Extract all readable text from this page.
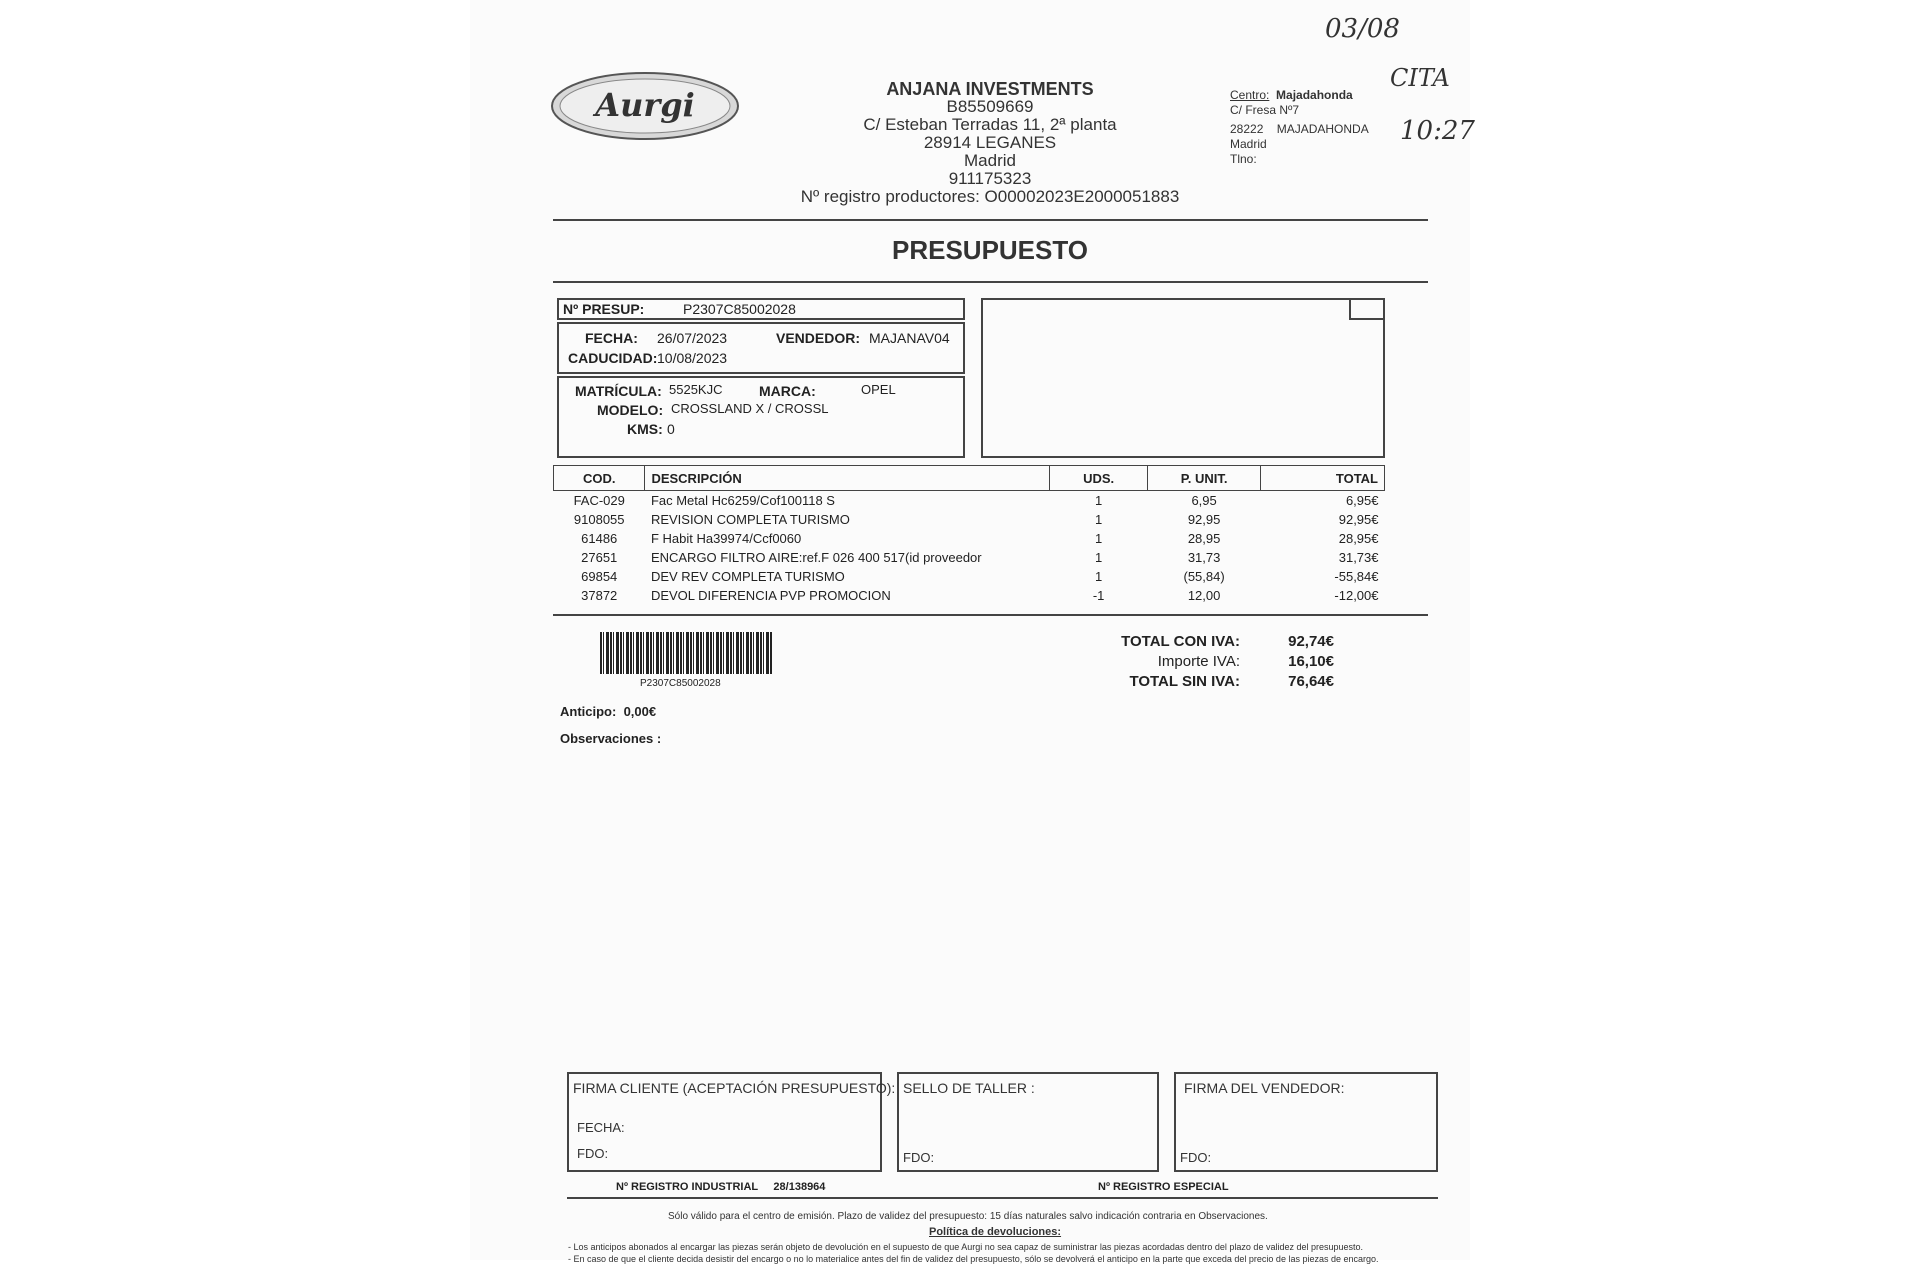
Aurgi	ANJANA INVESTMENTS
B85509669
C/ Esteban Terradas 11, 2ª planta
28914 LEGANES
Madrid
911175323
Nº registro productores: O00002023E2000051883
Centro: Majadahonda
C/ Fresa Nº7
28222 MAJADAHONDA
Madrid
Tlno:
03/08
CITA
10:27
PRESUPUESTO
Nº PRESUP:	P2307C85002028
FECHA: 26/07/2023	VENDEDOR: MAJANAV04
CADUCIDAD: 10/08/2023
MATRÍCULA: 5525KJC	MARCA:	OPEL
MODELO: CROSSLAND X / CROSSL
KMS: 0
COD.	DESCRIPCIÓN	UDS.	P. UNIT.	TOTAL
FAC-029	Fac Metal Hc6259/Cof100118 S	1	6,95	6,95€
9108055	REVISION COMPLETA TURISMO	1	92,95	92,95€
61486	F Habit Ha39974/Ccf0060	1	28,95	28,95€
27651	ENCARGO FILTRO AIRE:ref.F 026 400 517(id proveedor	1	31,73	31,73€
69854	DEV REV COMPLETA TURISMO	1	(55,84)	-55,84€
37872	DEVOL DIFERENCIA PVP PROMOCION	-1	12,00	-12,00€
P2307C85002028
TOTAL CON IVA:	92,74€
Importe IVA:	16,10€
TOTAL SIN IVA:	76,64€
Anticipo: 0,00€
Observaciones :
FIRMA CLIENTE (ACEPTACIÓN PRESUPUESTO):
FECHA:
FDO:
SELLO DE TALLER :
FDO:
FIRMA DEL VENDEDOR:
FDO:
Nº REGISTRO INDUSTRIAL 28/138964	Nº REGISTRO ESPECIAL
Sólo válido para el centro de emisión. Plazo de validez del presupuesto: 15 días naturales salvo indicación contraria en Observaciones.
Política de devoluciones:
- Los anticipos abonados al encargar las piezas serán objeto de devolución en el supuesto de que Aurgi no sea capaz de suministrar las piezas acordadas dentro del plazo de validez del presupuesto.
- En caso de que el cliente decida desistir del encargo o no lo materialice antes del fin de validez del presupuesto, sólo se devolverá el anticipo en la parte que exceda del precio de las piezas de encargo.
